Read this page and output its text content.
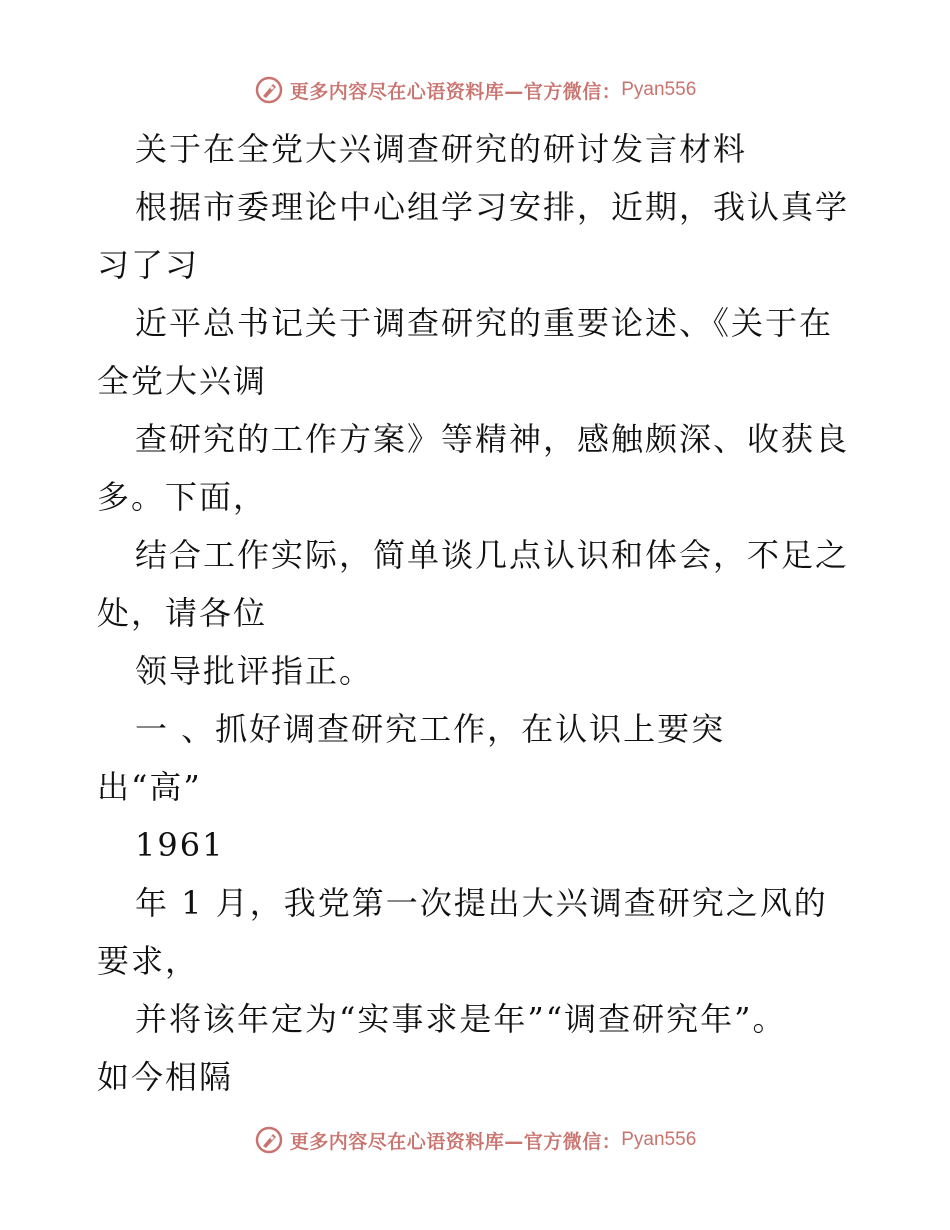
更多内容尽在心语资料库—官方微信： Pyan556
关于在全党大兴调查研究的研讨发言材料
根据市委理论中心组学习安排，近期，我认真学
习了习
近平总书记关于调查研究的重要论述、《关于在
全党大兴调
查研究的工作方案》等精神，感触颇深、收获良
多。下面，
结合工作实际，简单谈几点认识和体会，不足之
处，请各位
领导批评指正。
一 、抓好调查研究工作，在认识上要突
出“高”
1961
年 1 月，我党第一次提出大兴调查研究之风的
要求，
并将该年定为“实事求是年”“调查研究年”。
如今相隔
更多内容尽在心语资料库—官方微信： Pyan556
